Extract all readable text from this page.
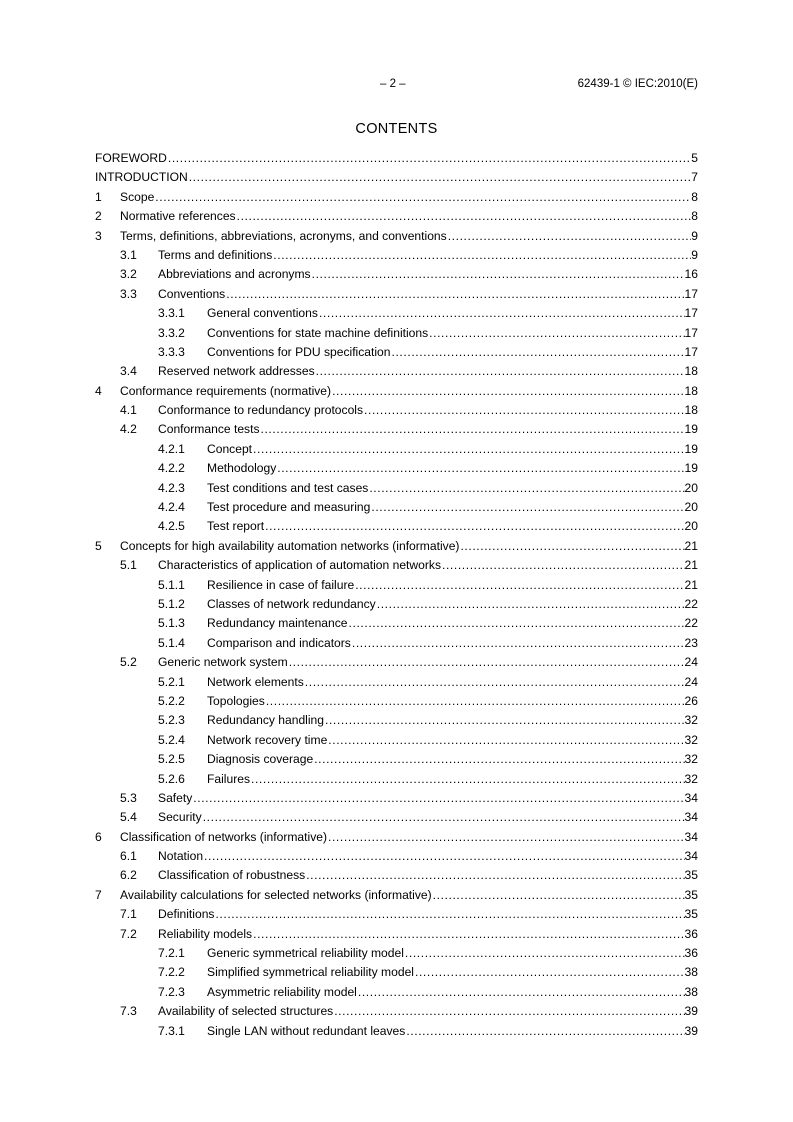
– 2 –	62439-1 © IEC:2010(E)
CONTENTS
FOREWORD .....	5
INTRODUCTION .....	7
1	Scope .....	8
2	Normative references .....	8
3	Terms, definitions, abbreviations, acronyms, and conventions .....	9
3.1	Terms and definitions .....	9
3.2	Abbreviations and acronyms .....	16
3.3	Conventions .....	17
3.3.1	General conventions .....	17
3.3.2	Conventions for state machine definitions .....	17
3.3.3	Conventions for PDU specification .....	17
3.4	Reserved network addresses .....	18
4	Conformance requirements (normative) .....	18
4.1	Conformance to redundancy protocols .....	18
4.2	Conformance tests .....	19
4.2.1	Concept .....	19
4.2.2	Methodology .....	19
4.2.3	Test conditions and test cases .....	20
4.2.4	Test procedure and measuring .....	20
4.2.5	Test report .....	20
5	Concepts for high availability automation networks (informative) .....	21
5.1	Characteristics of application of automation networks .....	21
5.1.1	Resilience in case of failure .....	21
5.1.2	Classes of network redundancy .....	22
5.1.3	Redundancy maintenance .....	22
5.1.4	Comparison and indicators .....	23
5.2	Generic network system .....	24
5.2.1	Network elements .....	24
5.2.2	Topologies .....	26
5.2.3	Redundancy handling .....	32
5.2.4	Network recovery time .....	32
5.2.5	Diagnosis coverage .....	32
5.2.6	Failures .....	32
5.3	Safety .....	34
5.4	Security .....	34
6	Classification of networks (informative) .....	34
6.1	Notation .....	34
6.2	Classification of robustness .....	35
7	Availability calculations for selected networks (informative) .....	35
7.1	Definitions .....	35
7.2	Reliability models .....	36
7.2.1	Generic symmetrical reliability model .....	36
7.2.2	Simplified symmetrical reliability model .....	38
7.2.3	Asymmetric reliability model .....	38
7.3	Availability of selected structures .....	39
7.3.1	Single LAN without redundant leaves .....	39
